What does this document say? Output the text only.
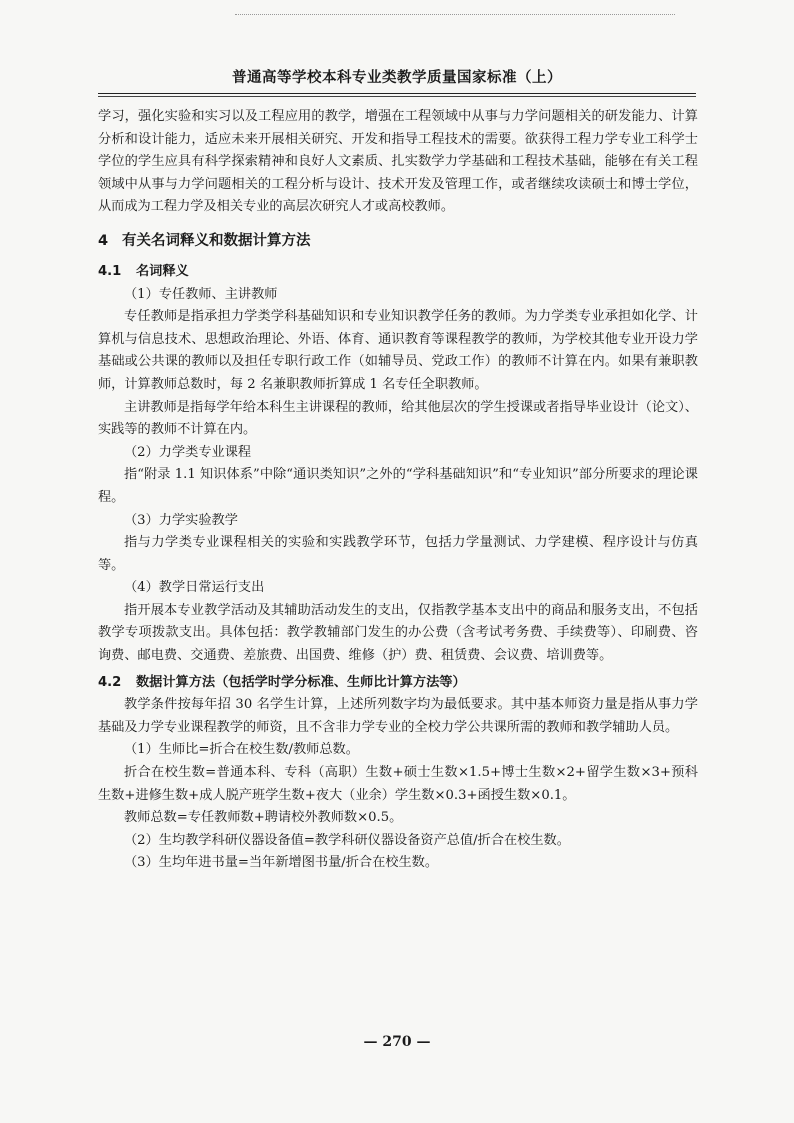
普通高等学校本科专业类教学质量国家标准（上）

学习，强化实验和实习以及工程应用的教学，增强在工程领域中从事与力学问题相关的研发能力、计算分析和设计能力，适应未来开展相关研究、开发和指导工程技术的需要。欲获得工程力学专业工科学士学位的学生应具有科学探索精神和良好人文素质、扎实数学力学基础和工程技术基础，能够在有关工程领域中从事与力学问题相关的工程分析与设计、技术开发及管理工作，或者继续攻读硕士和博士学位，从而成为工程力学及相关专业的高层次研究人才或高校教师。

4 有关名词释义和数据计算方法
4.1 名词释义

（1）专任教师、主讲教师

专任教师是指承担力学类学科基础知识和专业知识教学任务的教师。为力学类专业承担如化学、计算机与信息技术、思想政治理论、外语、体育、通识教育等课程教学的教师，为学校其他专业开设力学基础或公共课的教师以及担任专职行政工作（如辅导员、党政工作）的教师不计算在内。如果有兼职教师，计算教师总数时，每 2 名兼职教师折算成 1 名专任全职教师。

主讲教师是指每学年给本科生主讲课程的教师，给其他层次的学生授课或者指导毕业设计（论文）、实践等的教师不计算在内。

（2）力学类专业课程

指“附录 1.1 知识体系”中除“通识类知识”之外的“学科基础知识”和“专业知识”部分所要求的理论课程。

（3）力学实验教学

指与力学类专业课程相关的实验和实践教学环节，包括力学量测试、力学建模、程序设计与仿真等。

（4）教学日常运行支出

指开展本专业教学活动及其辅助活动发生的支出，仅指教学基本支出中的商品和服务支出，不包括教学专项拨款支出。具体包括：教学教辅部门发生的办公费（含考试考务费、手续费等）、印刷费、咨询费、邮电费、交通费、差旅费、出国费、维修（护）费、租赁费、会议费、培训费等。

4.2 数据计算方法（包括学时学分标准、生师比计算方法等）

教学条件按每年招 30 名学生计算，上述所列数字均为最低要求。其中基本师资力量是指从事力学基础及力学专业课程教学的师资，且不含非力学专业的全校力学公共课所需的教师和教学辅助人员。

（1）生师比=折合在校生数/教师总数。

折合在校生数=普通本科、专科（高职）生数+硕士生数×1.5+博士生数×2+留学生数×3+预科生数+进修生数+成人脱产班学生数+夜大（业余）学生数×0.3+函授生数×0.1。

教师总数=专任教师数+聘请校外教师数×0.5。

（2）生均教学科研仪器设备值=教学科研仪器设备资产总值/折合在校生数。

（3）生均年进书量=当年新增图书量/折合在校生数。

— 270 —
